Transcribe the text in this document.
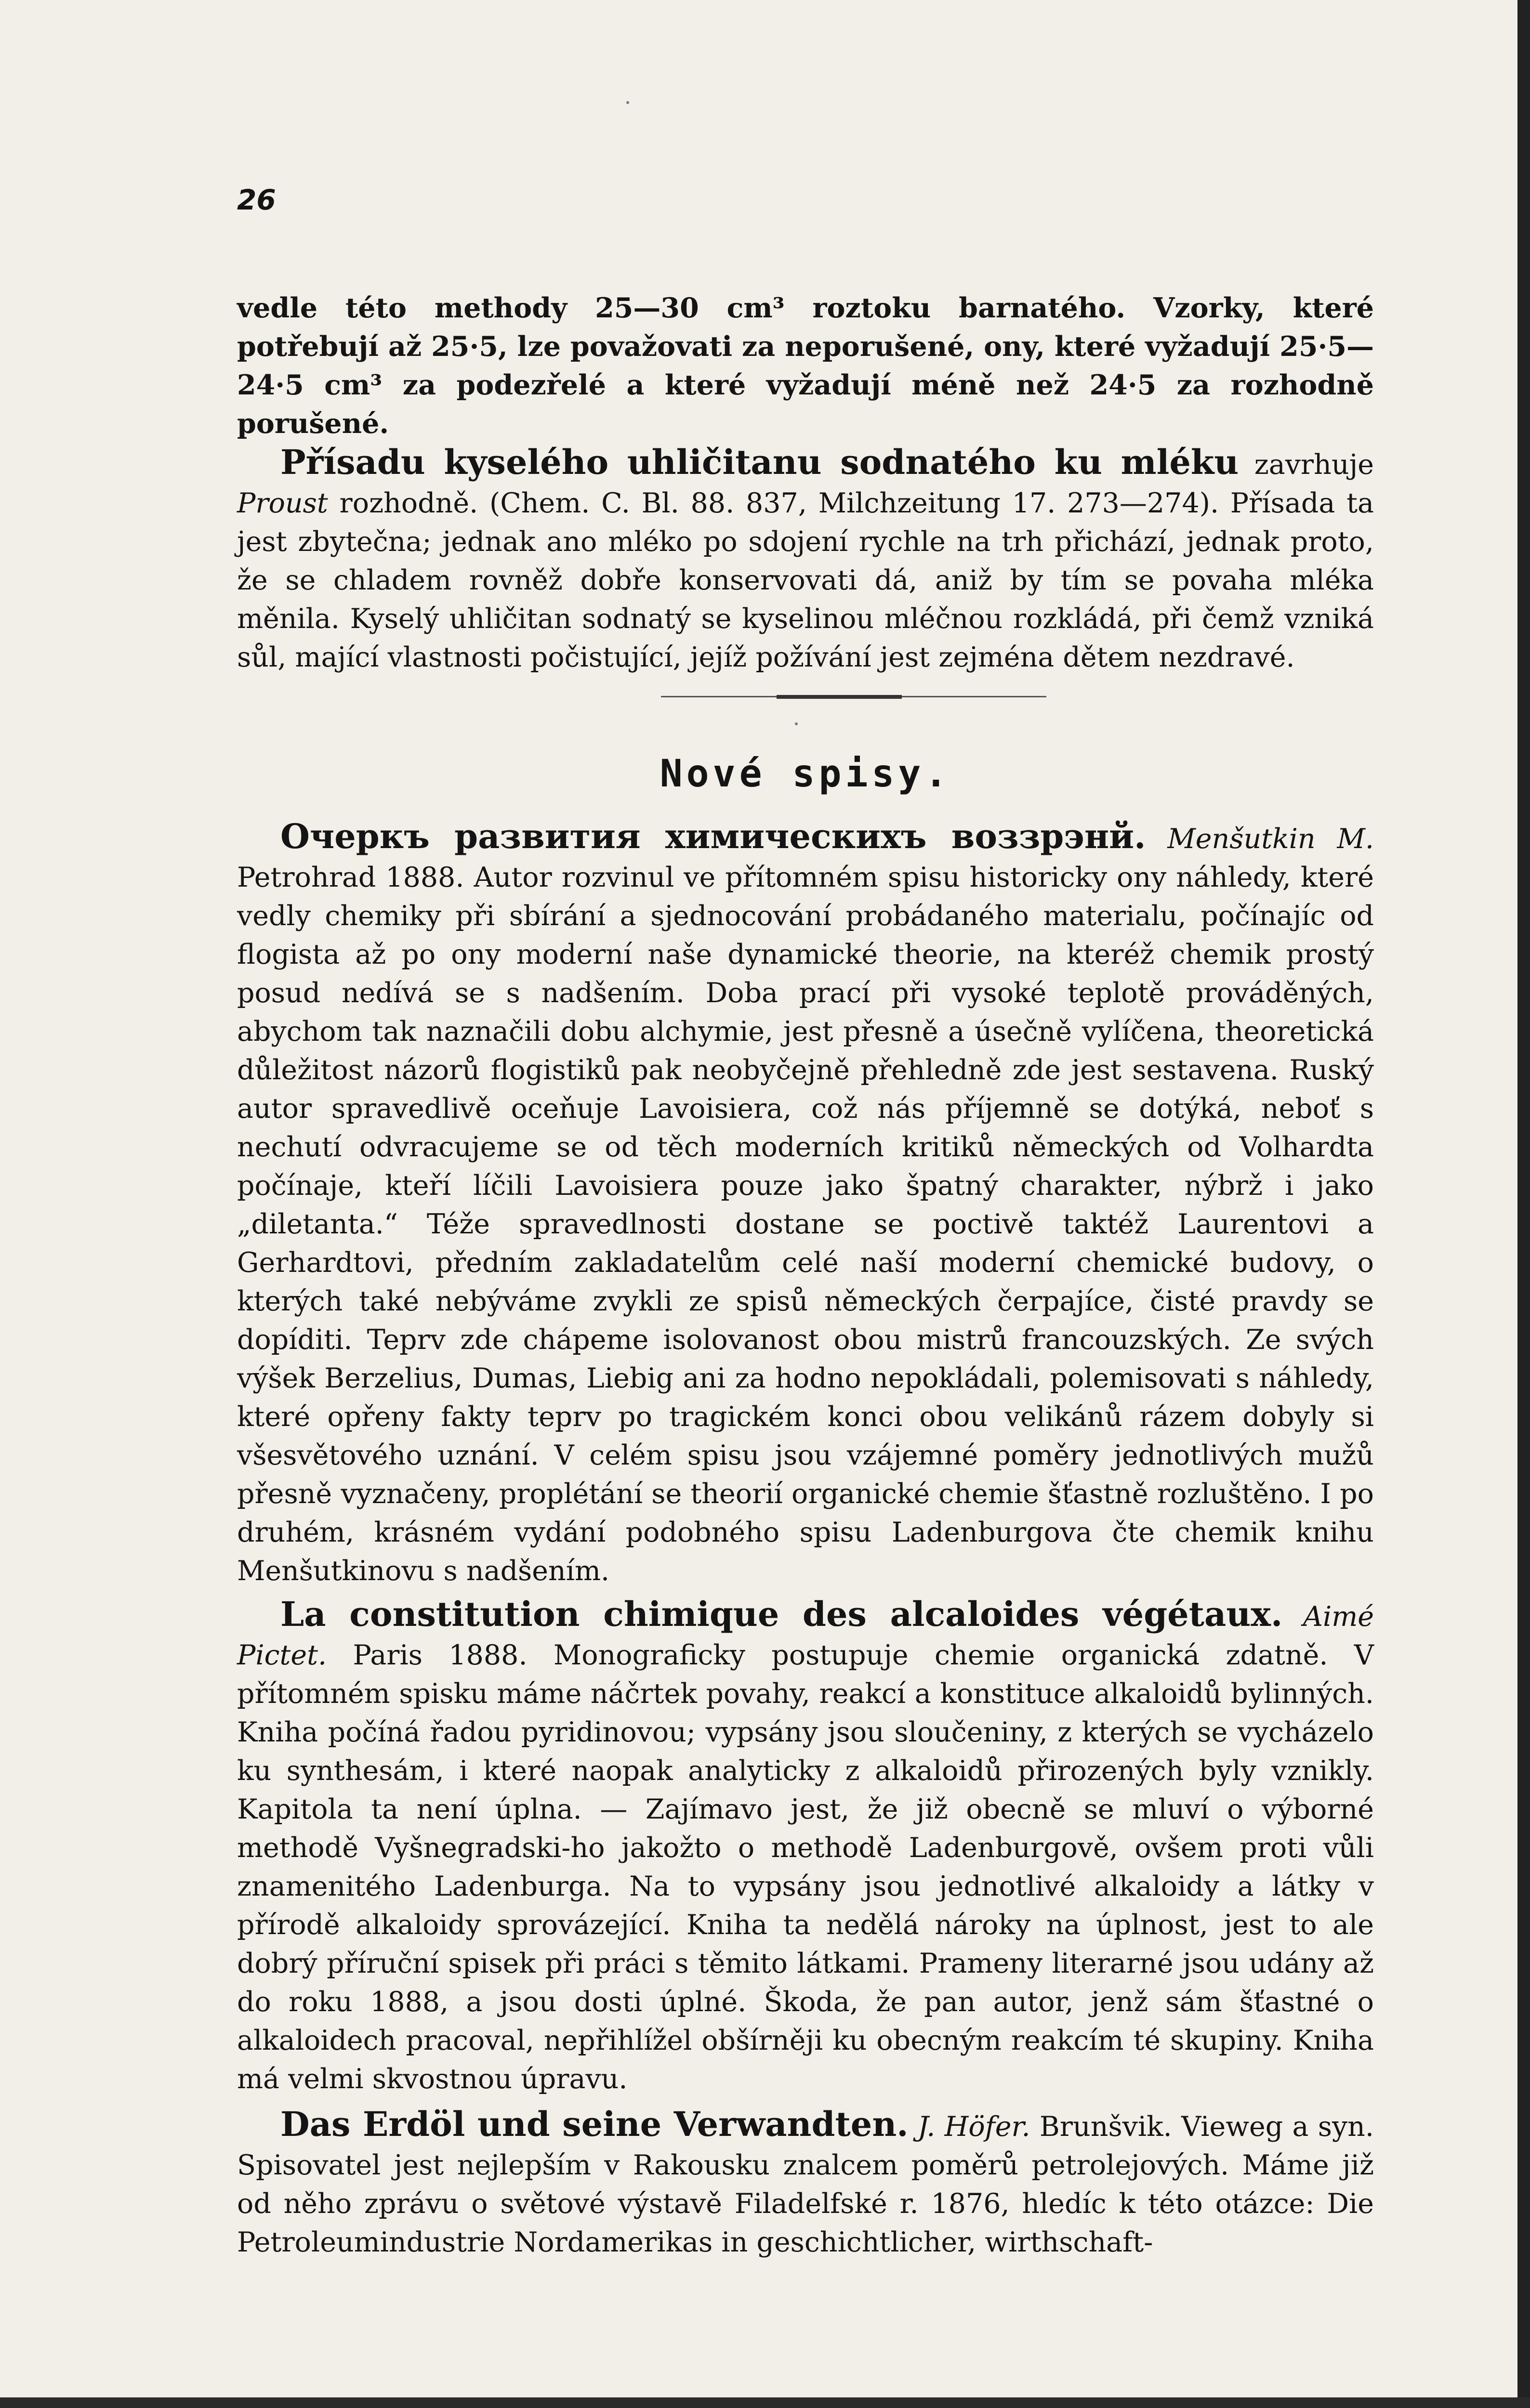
26

vedle této methody 25—30 cm³ roztoku barnatého. Vzorky, které potřebují až 25·5, lze považovati za neporušené, ony, které vyžadují 25·5—24·5 cm³ za podezřelé a které vyžadují méně než 24·5 za rozhodně porušené.

Přísadu kyselého uhličitanu sodnatého ku mléku zavrhuje Proust rozhodně. (Chem. C. Bl. 88. 837, Milchzeitung 17. 273—274). Přísada ta jest zbytečna; jednak ano mléko po sdojení rychle na trh přichází, jednak proto, že se chladem rovněž dobře konservovati dá, aniž by tím se povaha mléka měnila. Kyselý uhličitan sodnatý se kyselinou mléčnou rozkládá, při čemž vzniká sůl, mající vlastnosti počistující, jejíž požívání jest zejména dětem nezdravé.

Nové spisy.

Очеркъ развития химическихъ воззрэнй. Menšutkin M. Petrohrad 1888. Autor rozvinul ve přítomném spisu historicky ony náhledy, které vedly chemiky při sbírání a sjednocování probádaného materialu, počínajíc od flogista až po ony moderní naše dynamické theorie, na kteréž chemik prostý posud nedívá se s nadšením. Doba prací při vysoké teplotě prováděných, abychom tak naznačili dobu alchymie, jest přesně a úsečně vylíčena, theoretická důležitost názorů flogistiků pak neobyčejně přehledně zde jest sestavena. Ruský autor spravedlivě oceňuje Lavoisiera, což nás příjemně se dotýká, neboť s nechutí odvracujeme se od těch moderních kritiků německých od Volhardta počínaje, kteří líčili Lavoisiera pouze jako špatný charakter, nýbrž i jako „diletanta.“ Téže spravedlnosti dostane se poctivě taktéž Laurentovi a Gerhardtovi, předním zakladatelům celé naší moderní chemické budovy, o kterých také nebýváme zvykli ze spisů německých čerpajíce, čisté pravdy se dopíditi. Teprv zde chápeme isolovanost obou mistrů francouzských. Ze svých výšek Berzelius, Dumas, Liebig ani za hodno nepokládali, polemisovati s náhledy, které opřeny fakty teprv po tragickém konci obou velikánů rázem dobyly si všesvětového uznání. V celém spisu jsou vzájemné poměry jednotlivých mužů přesně vyznačeny, proplétání se theorií organické chemie šťastně rozluštěno. I po druhém, krásném vydání podobného spisu Ladenburgova čte chemik knihu Menšutkinovu s nadšením.

La constitution chimique des alcaloides végétaux. Aimé Pictet. Paris 1888. Monograficky postupuje chemie organická zdatně. V přítomném spisku máme náčrtek povahy, reakcí a konstituce alkaloidů bylinných. Kniha počíná řadou pyridinovou; vypsány jsou sloučeniny, z kterých se vycházelo ku synthesám, i které naopak analyticky z alkaloidů přirozených byly vznikly. Kapitola ta není úplna. — Zajímavo jest, že již obecně se mluví o výborné methodě Vyšnegradski-ho jakožto o methodě Ladenburgově, ovšem proti vůli znamenitého Ladenburga. Na to vypsány jsou jednotlivé alkaloidy a látky v přírodě alkaloidy sprovázející. Kniha ta nedělá nároky na úplnost, jest to ale dobrý příruční spisek při práci s těmito látkami. Prameny literarné jsou udány až do roku 1888, a jsou dosti úplné. Škoda, že pan autor, jenž sám šťastné o alkaloidech pracoval, nepřihlížel obšírněji ku obecným reakcím té skupiny. Kniha má velmi skvostnou úpravu.

Das Erdöl und seine Verwandten. J. Höfer. Brunšvik. Vieweg a syn. Spisovatel jest nejlepším v Rakousku znalcem poměrů petrolejových. Máme již od něho zprávu o světové výstavě Filadelfské r. 1876, hledíc k této otázce: Die Petroleumindustrie Nordamerikas in geschichtlicher, wirthschaft-
